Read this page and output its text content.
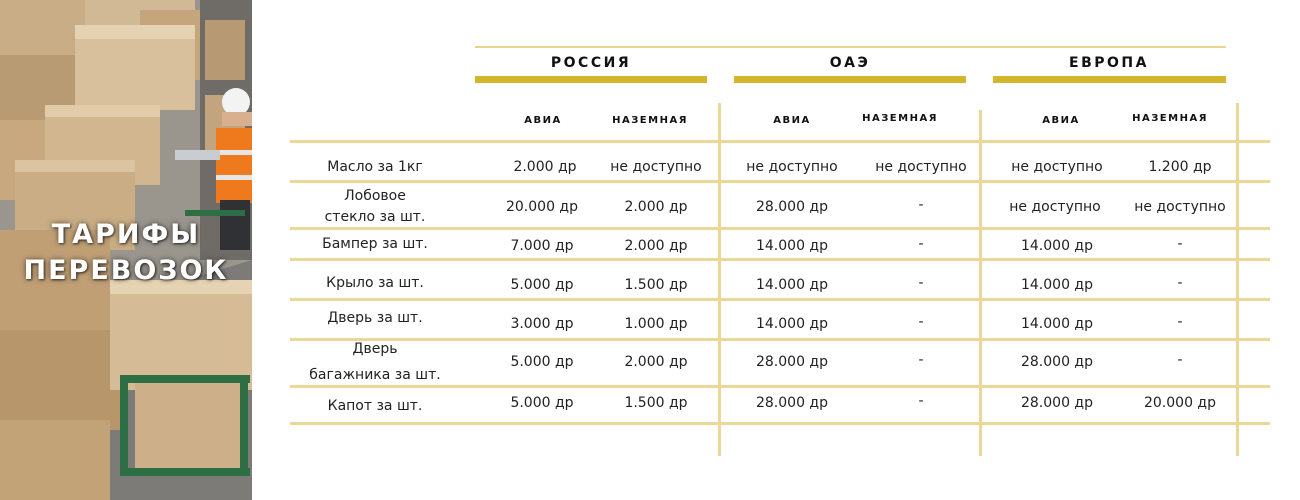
ТАРИФЫ
ПЕРЕВОЗОК
РОССИЯ	ОАЭ	ЕВРОПА
АВИА	НАЗЕМНАЯ	АВИА	НАЗЕМНАЯ	АВИА	НАЗЕМНАЯ
Масло за 1кг	2.000 др	не доступно	не доступно	не доступно	не доступно	1.200 др
Лобовое
стекло за шт.
20.000 др	2.000 др	28.000 др	-	не доступно	не доступно
Бампер за шт.	7.000 др	2.000 др	14.000 др	-	14.000 др	-
Крыло за шт.	5.000 др	1.500 др	14.000 др	-	14.000 др	-
Дверь за шт.	3.000 др	1.000 др	14.000 др	-	14.000 др	-
Дверь
багажника за шт.
5.000 др	2.000 др	28.000 др	-	28.000 др	-
Капот за шт.	5.000 др	1.500 др	28.000 др	-	28.000 др	20.000 др
